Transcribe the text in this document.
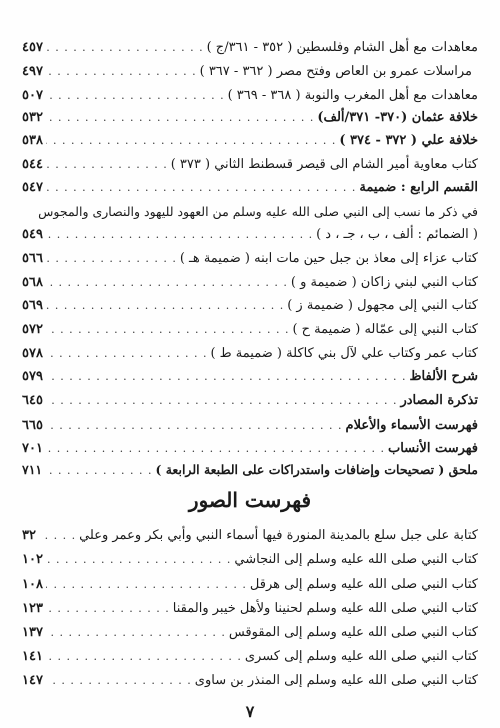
معاهدات مع أهل الشام وفلسطين ( ٣٥٢ - ٣٦١/ج )
. . .
٤٥٧
مراسلات عمرو بن العاص وفتح مصر ( ٣٦٢ - ٣٦٧ )
. . .
٤٩٧
معاهدات مع أهل المغرب والنوبة ( ٣٦٨ - ٣٦٩ )
. . .
٥٠٧
خلافة عثمان (٣٧٠- ٣٧١/ألف)
. . .
٥٣٢
خلافة علي ( ٣٧٢ - ٣٧٤ )
. . .
٥٣٨
كتاب معاوية أمير الشام الى قيصر قسطنط الثاني ( ٣٧٣ )
. . .
٥٤٤
القسم الرابع : ضميمة
. . .
٥٤٧
في ذكر ما نسب إلى النبي صلى الله عليه وسلم من العهود لليهود والنصارى والمجوس
( الضمائم : ألف ، ب ، جـ ، د )
. . .
٥٤٩
كتاب عزاء إلى معاذ بن جبل حين مات ابنه ( ضميمة هـ )
. . .
٥٦٦
كتاب النبي لبني زاكان ( ضميمة و )
. . .
٥٦٨
كتاب النبي إلى مجهول ( ضميمة ز )
. . .
٥٦٩
كتاب النبي إلى عمّاله ( ضميمة ح )
. . .
٥٧٢
كتاب عمر وكتاب علي لآل بني كاكلة ( ضميمة ط )
. . .
٥٧٨
شرح الألفاظ
. . .
٥٧٩
تذكرة المصادر
. . .
٦٤٥
فهرست الأسماء والأعلام
. . .
٦٦٥
فهرست الأنساب
. . .
٧٠١
ملحق ( تصحيحات وإضافات واستدراكات على الطبعة الرابعة )
. . .
٧١١
فهرست الصور
كتابة على جبل سلع بالمدينة المنورة فيها أسماء النبي وأبي بكر وعمر وعلي
. . .
٣٢
كتاب النبي صلى الله عليه وسلم إلى النجاشي
. . .
١٠٢
كتاب النبي صلى الله عليه وسلم إلى هرقل
. . .
١٠٨
كتاب النبي صلى الله عليه وسلم لحنينا ولأهل خيبر والمقنا
. . .
١٢٣
كتاب النبي صلى الله عليه وسلم إلى المقوقس
. . .
١٣٧
كتاب النبي صلى الله عليه وسلم إلى كسرى
. . .
١٤١
كتاب النبي صلى الله عليه وسلم إلى المنذر بن ساوى
. . .
١٤٧
٧
